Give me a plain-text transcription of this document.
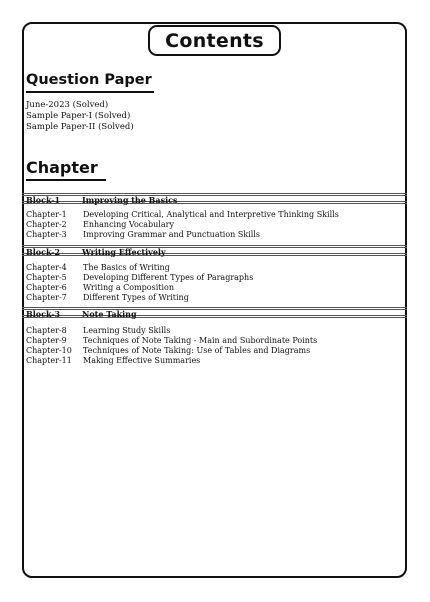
Contents
Question Paper
June-2023 (Solved)
Sample Paper-I (Solved)
Sample Paper-II (Solved)
Chapter
Block-1	Improving the Basics
Chapter-1 Developing Critical, Analytical and Interpretive Thinking Skills
Chapter-2 Enhancing Vocabulary
Chapter-3 Improving Grammar and Punctuation Skills
Block-2	Writing Effectively
Chapter-4 The Basics of Writing
Chapter-5 Developing Different Types of Paragraphs
Chapter-6 Writing a Composition
Chapter-7 Different Types of Writing
Block-3	Note Taking
Chapter-8 Learning Study Skills
Chapter-9 Techniques of Note Taking - Main and Subordinate Points
Chapter-10 Techniques of Note Taking: Use of Tables and Diagrams
Chapter-11 Making Effective Summaries
